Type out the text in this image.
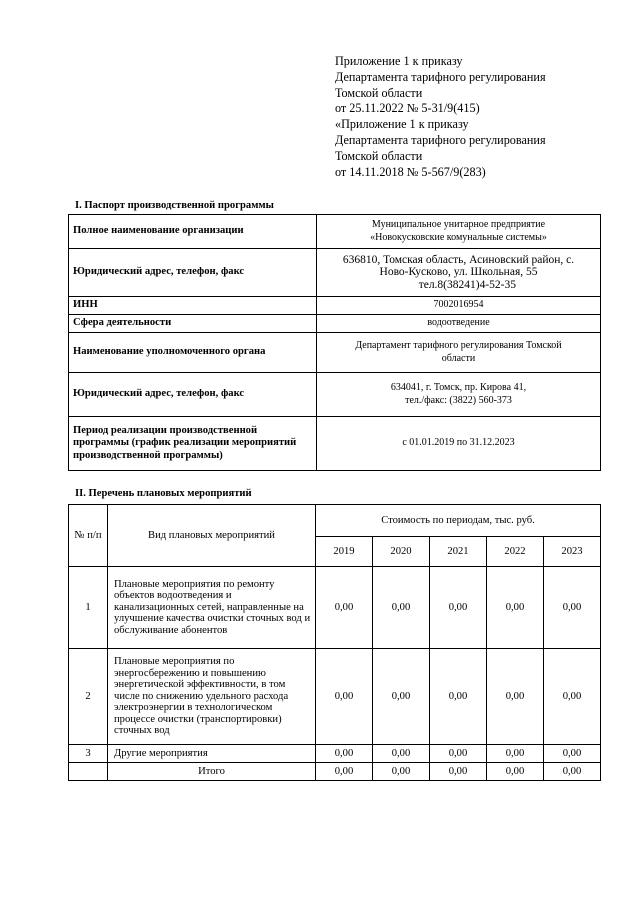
Приложение 1 к приказу
Департамента тарифного регулирования
Томской области
от 25.11.2022 № 5-31/9(415)
«Приложение 1 к приказу
Департамента тарифного регулирования
Томской области
от 14.11.2018 № 5-567/9(283)
I. Паспорт производственной программы
Полное наименование организации	Муниципальное унитарное предприятие
«Новокусковские комунальные системы»

Юридический адрес, телефон, факс	636810, Томская область, Асиновский район, с.
Ново-Кусково, ул. Школьная, 55
тел.8(38241)4-52-35

ИНН	7002016954

Сфера деятельности	водоотведение

Наименование уполномоченного органа	Департамент тарифного регулирования Томской
области

Юридический адрес, телефон, факс	634041, г. Томск, пр. Кирова 41,
тел./факс: (3822) 560-373

Период реализации производственной программы (график реализации мероприятий производственной программы)	с 01.01.2019 по 31.12.2023
II. Перечень плановых мероприятий
№ п/п	Вид плановых мероприятий	Стоимость по периодам, тыс. руб.				
		2019	2020	2021	2022	2023
1	Плановые мероприятия по ремонту объектов водоотведения и канализационных сетей, направленные на улучшение качества очистки сточных вод и обслуживание абонентов	0,00	0,00	0,00	0,00	0,00
2	Плановые мероприятия по энергосбережению и повышению энергетической эффективности, в том числе по снижению удельного расхода электроэнергии в технологическом процессе очистки (транспортировки) сточных вод	0,00	0,00	0,00	0,00	0,00
3	Другие мероприятия	0,00	0,00	0,00	0,00	0,00
	Итого	0,00	0,00	0,00	0,00	0,00
